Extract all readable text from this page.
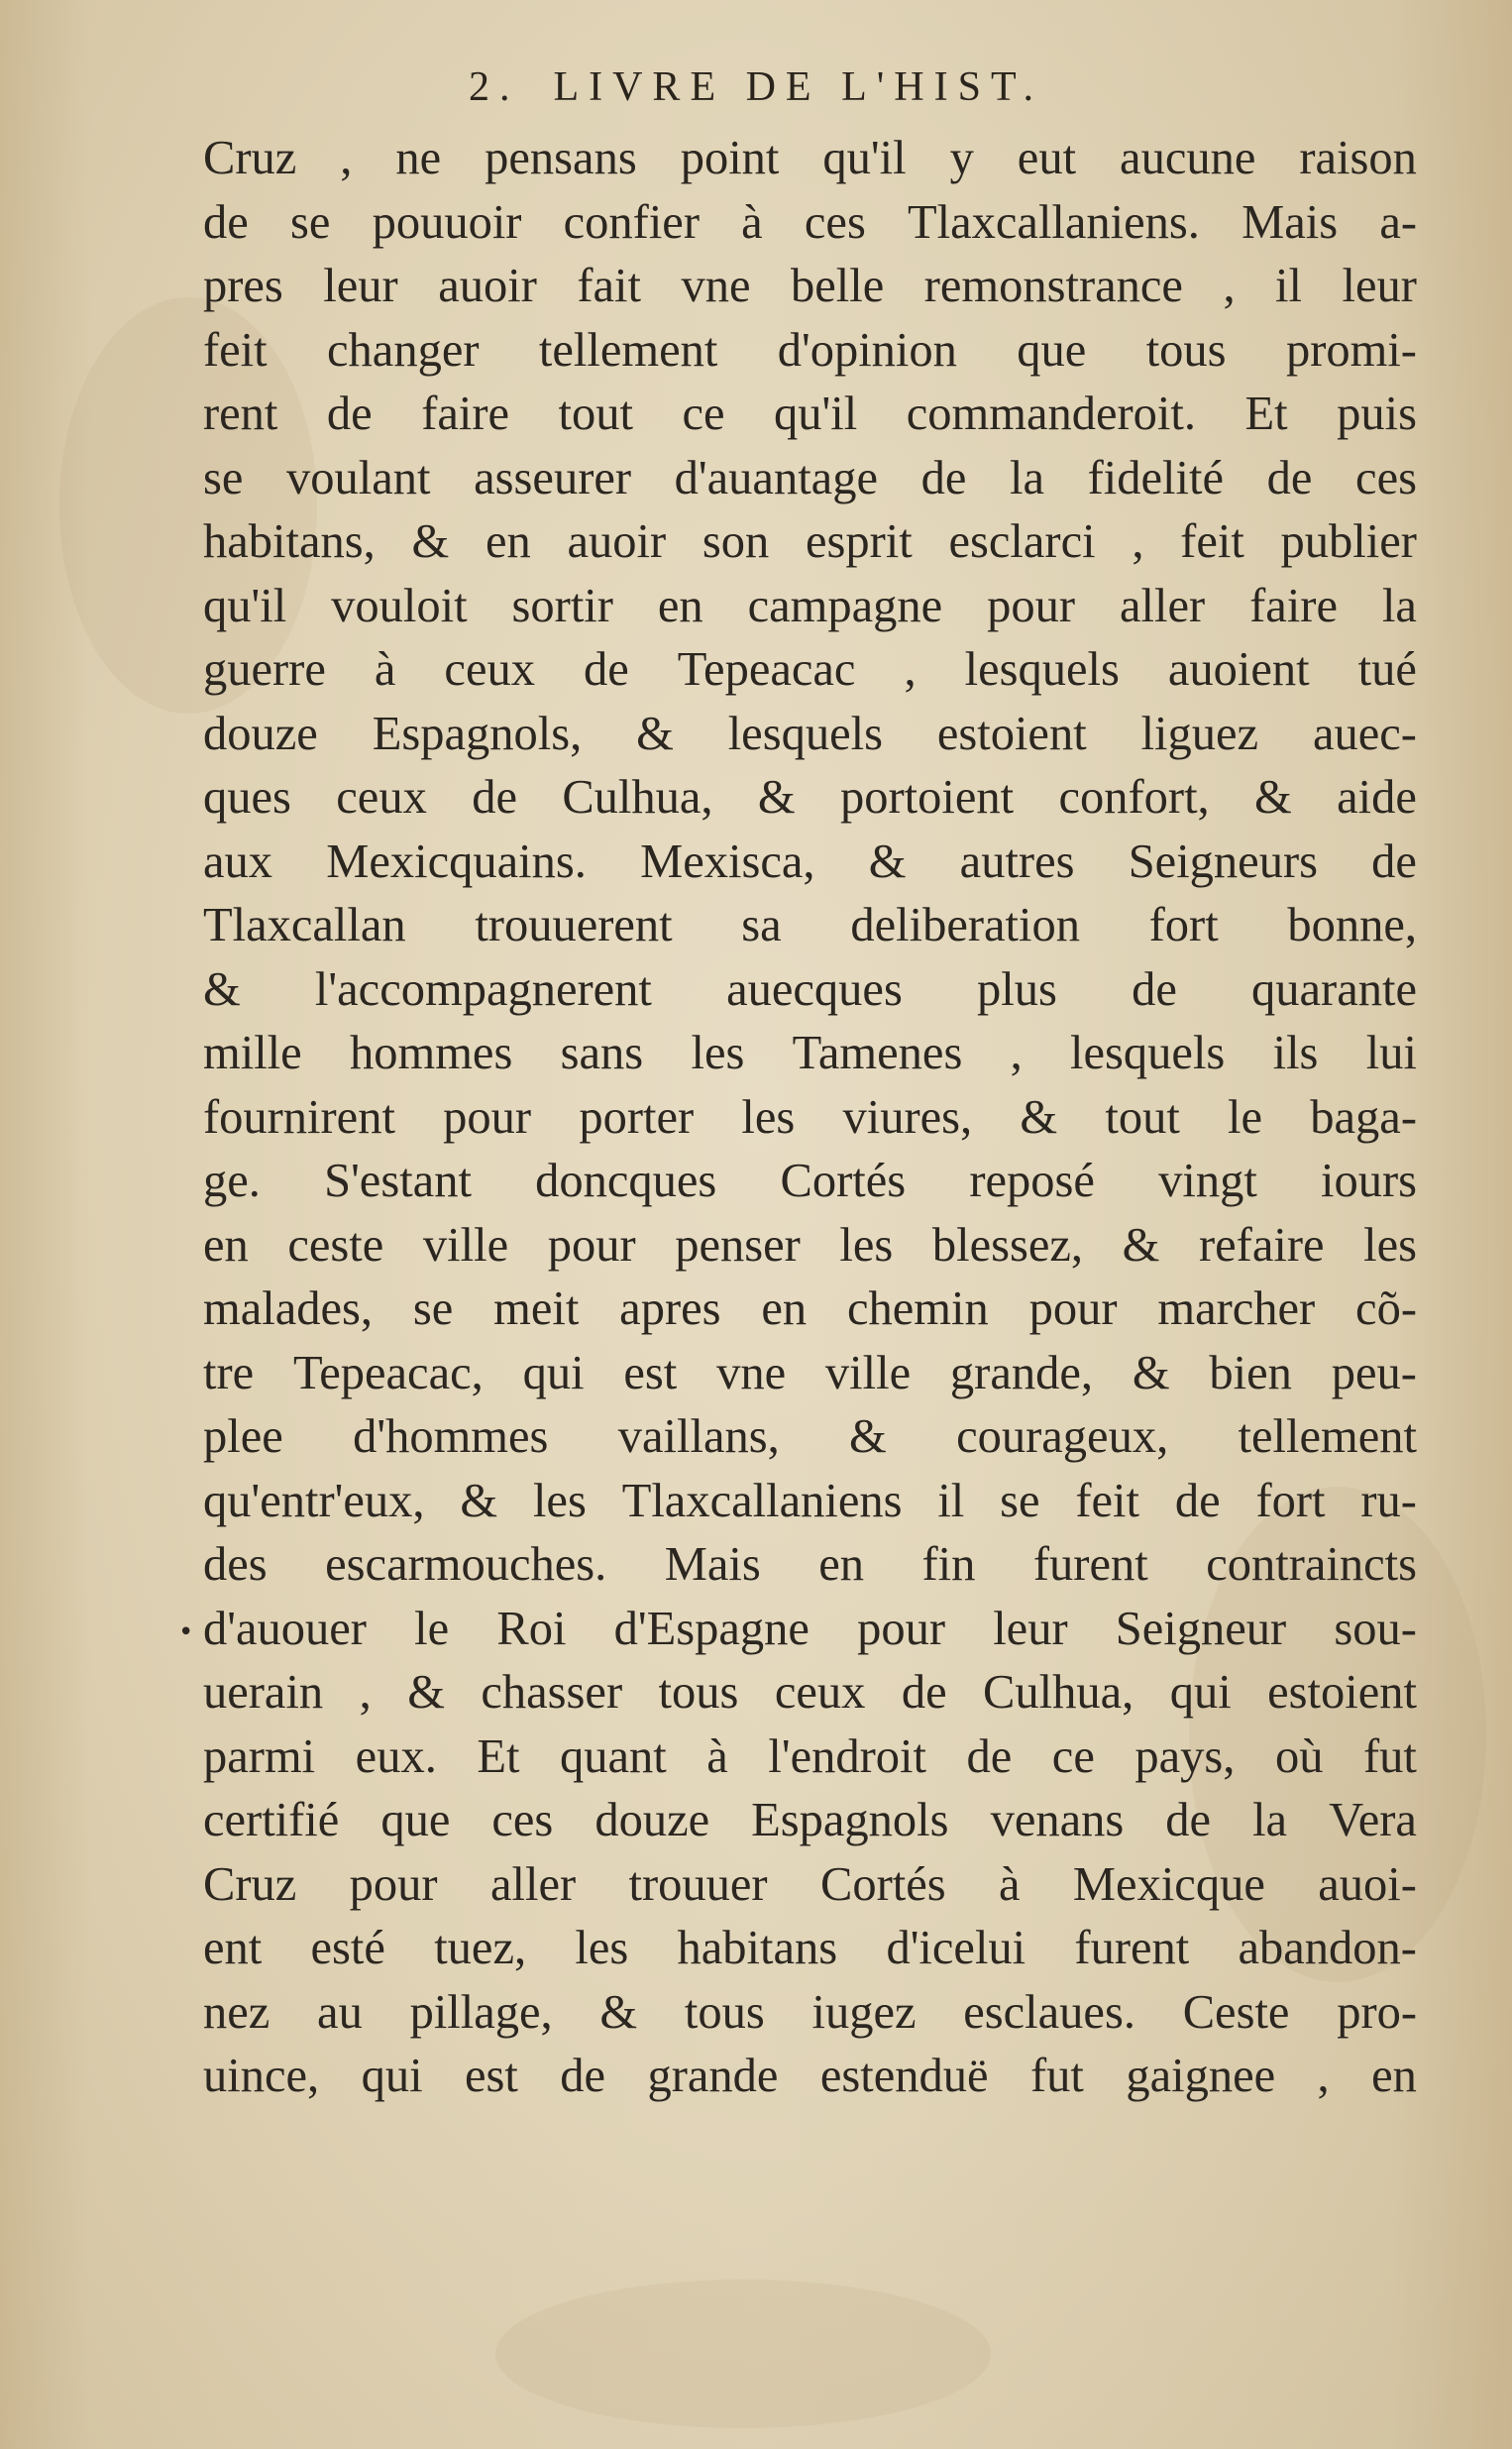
2. LIVRE DE L'HIST.
•
Cruz , ne pensans point qu'il y eut aucune raison
de se pouuoir confier à ces Tlaxcallaniens. Mais a-
pres leur auoir fait vne belle remonstrance , il leur
feit changer tellement d'opinion que tous promi-
rent de faire tout ce qu'il commanderoit. Et puis
se voulant asseurer d'auantage de la fidelité de ces
habitans, & en auoir son esprit esclarci , feit publier
qu'il vouloit sortir en campagne pour aller faire la
guerre à ceux de Tepeacac , lesquels auoient tué
douze Espagnols, & lesquels estoient liguez auec-
ques ceux de Culhua, & portoient confort, & aide
aux Mexicquains. Mexisca, & autres Seigneurs de
Tlaxcallan trouuerent sa deliberation fort bonne,
& l'accompagnerent auecques plus de quarante
mille hommes sans les Tamenes , lesquels ils lui
fournirent pour porter les viures, & tout le baga-
ge. S'estant doncques Cortés reposé vingt iours
en ceste ville pour penser les blessez, & refaire les
malades, se meit apres en chemin pour marcher cõ-
tre Tepeacac, qui est vne ville grande, & bien peu-
plee d'hommes vaillans, & courageux, tellement
qu'entr'eux, & les Tlaxcallaniens il se feit de fort ru-
des escarmouches. Mais en fin furent contraincts
d'auouer le Roi d'Espagne pour leur Seigneur sou-
uerain , & chasser tous ceux de Culhua, qui estoient
parmi eux. Et quant à l'endroit de ce pays, où fut
certifié que ces douze Espagnols venans de la Vera
Cruz pour aller trouuer Cortés à Mexicque auoi-
ent esté tuez, les habitans d'icelui furent abandon-
nez au pillage, & tous iugez esclaues. Ceste pro-
uince, qui est de grande estenduë fut gaignee , en
